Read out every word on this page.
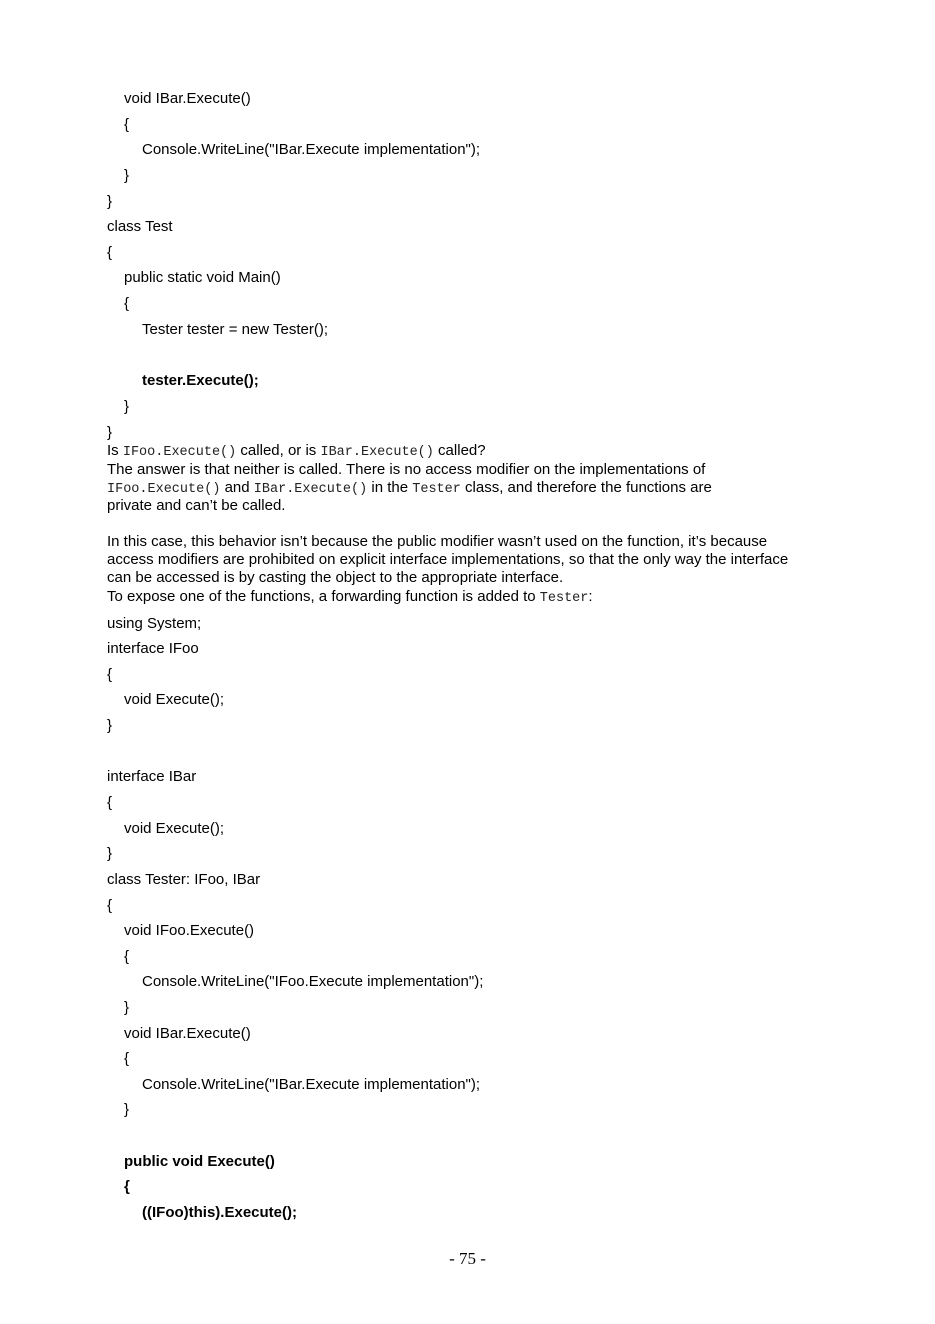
void IBar.Execute()
{
Console.WriteLine("IBar.Execute implementation");
}
}
class Test
{
public static void Main()
{
Tester tester = new Tester();
tester.Execute();
}
}
Is IFoo.Execute() called, or is IBar.Execute() called?
The answer is that neither is called. There is no access modifier on the implementations of
IFoo.Execute() and IBar.Execute() in the Tester class, and therefore the functions are
private and can’t be called.
In this case, this behavior isn’t because the public modifier wasn’t used on the function, it’s because
access modifiers are prohibited on explicit interface implementations, so that the only way the interface
can be accessed is by casting the object to the appropriate interface.
To expose one of the functions, a forwarding function is added to Tester:
using System;
interface IFoo
{
void Execute();
}
interface IBar
{
void Execute();
}
class Tester: IFoo, IBar
{
void IFoo.Execute()
{
Console.WriteLine("IFoo.Execute implementation");
}
void IBar.Execute()
{
Console.WriteLine("IBar.Execute implementation");
}
public void Execute()
{
((IFoo)this).Execute();
- 75 -
